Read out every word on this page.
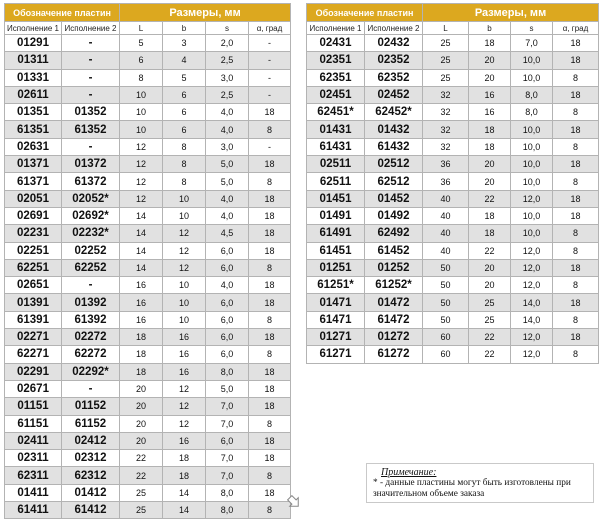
Обозначение пластин		Размеры, мм			
Исполнение 1	Исполнение 2	L	b	s	α, град
01291	-	5	3	2,0	-
01311	-	6	4	2,5	-
01331	-	8	5	3,0	-
02611	-	10	6	2,5	-
01351	01352	10	6	4,0	18
61351	61352	10	6	4,0	8
02631	-	12	8	3,0	-
01371	01372	12	8	5,0	18
61371	61372	12	8	5,0	8
02051	02052*	12	10	4,0	18
02691	02692*	14	10	4,0	18
02231	02232*	14	12	4,5	18
02251	02252	14	12	6,0	18
62251	62252	14	12	6,0	8
02651	-	16	10	4,0	18
01391	01392	16	10	6,0	18
61391	61392	16	10	6,0	8
02271	02272	18	16	6,0	18
62271	62272	18	16	6,0	8
02291	02292*	18	16	8,0	18
02671	-	20	12	5,0	18
01151	01152	20	12	7,0	18
61151	61152	20	12	7,0	8
02411	02412	20	16	6,0	18
02311	02312	22	18	7,0	18
62311	62312	22	18	7,0	8
01411	01412	25	14	8,0	18
61411	61412	25	14	8,0	8
Обозначение пластин		Размеры, мм			
Исполнение 1	Исполнение 2	L	b	s	α, град
02431	02432	25	18	7,0	18
02351	02352	25	20	10,0	18
62351	62352	25	20	10,0	8
02451	02452	32	16	8,0	18
62451*	62452*	32	16	8,0	8
01431	01432	32	18	10,0	18
61431	61432	32	18	10,0	8
02511	02512	36	20	10,0	18
62511	62512	36	20	10,0	8
01451	01452	40	22	12,0	18
01491	01492	40	18	10,0	18
61491	62492	40	18	10,0	8
61451	61452	40	22	12,0	8
01251	01252	50	20	12,0	18
61251*	61252*	50	20	12,0	8
01471	01472	50	25	14,0	18
61471	61472	50	25	14,0	8
01271	01272	60	22	12,0	18
61271	61272	60	22	12,0	8
Примечание:
* - данные пластины могут быть изготовлены при значительном объеме заказа
